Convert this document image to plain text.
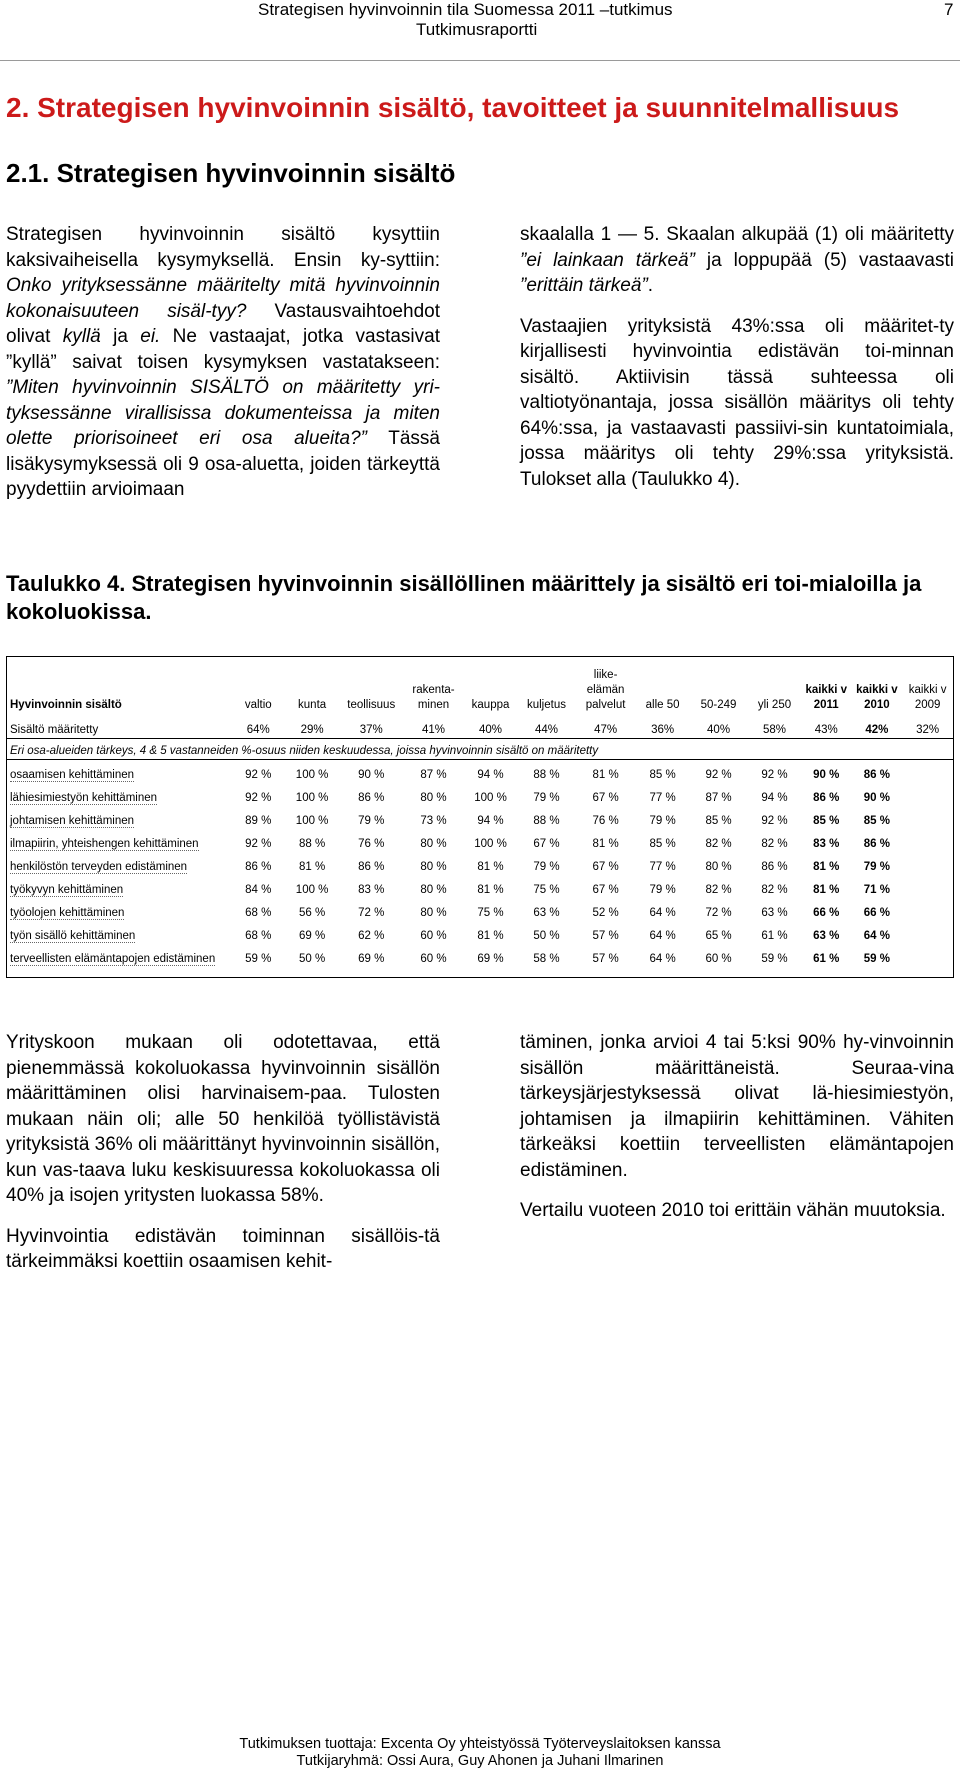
Strategisen hyvinvoinnin tila Suomessa 2011 –tutkimus	7
Tutkimusraportti
2. Strategisen hyvinvoinnin sisältö, tavoitteet ja suunnitelmallisuus
2.1. Strategisen hyvinvoinnin sisältö

Strategisen hyvinvoinnin sisältö kysyttiin kaksivaiheisella kysymyksellä. Ensin ky-syttiin: Onko yrityksessänne määritelty mitä hyvinvoinnin kokonaisuuteen sisäl-tyy? Vastausvaihtoehdot olivat kyllä ja ei. Ne vastaajat, jotka vastasivat ”kyllä” saivat toisen kysymyksen vastatakseen: ”Miten hyvinvoinnin SISÄLTÖ on määritetty yri-tyksessänne virallisissa dokumenteissa ja miten olette priorisoineet eri osa alueita?” Tässä lisäkysymyksessä oli 9 osa-aluetta, joiden tärkeyttä pyydettiin arvioimaan

skaalalla 1 — 5. Skaalan alkupää (1) oli määritetty ”ei lainkaan tärkeä” ja loppupää (5) vastaavasti ”erittäin tärkeä”.

Vastaajien yrityksistä 43%:ssa oli määritet-ty kirjallisesti hyvinvointia edistävän toi-minnan sisältö. Aktiivisin tässä suhteessa oli valtiotyönantaja, jossa sisällön määritys oli tehty 64%:ssa, ja vastaavasti passiivi-sin kuntatoimiala, jossa määritys oli tehty 29%:ssa yrityksistä. Tulokset alla (Taulukko 4).

Taulukko 4. Strategisen hyvinvoinnin sisällöllinen määrittely ja sisältö eri toi-mialoilla ja kokoluokissa.
Hyvinvoinnin sisältö	valtio	kunta	teollisuus	rakenta-minen	kauppa	kuljetus	liike-elämän palvelut	alle 50	50-249	yli 250	kaikki v 2011	kaikki v 2010	kaikki v 2009
Sisältö määritetty	64%	29%	37%	41%	40%	44%	47%	36%	40%	58%	43%	42%	32%
Eri osa-alueiden tärkeys, 4 & 5 vastanneiden %-osuus niiden keskuudessa, joissa hyvinvoinnin sisältö on määritetty													
osaamisen kehittäminen	92 %	100 %	90 %	87 %	94 %	88 %	81 %	85 %	92 %	92 %	90 %	86 %	
lähiesimiestyön kehittäminen	92 %	100 %	86 %	80 %	100 %	79 %	67 %	77 %	87 %	94 %	86 %	90 %	
johtamisen kehittäminen	89 %	100 %	79 %	73 %	94 %	88 %	76 %	79 %	85 %	92 %	85 %	85 %	
ilmapiirin, yhteishengen kehittäminen	92 %	88 %	76 %	80 %	100 %	67 %	81 %	85 %	82 %	82 %	83 %	86 %	
henkilöstön terveyden edistäminen	86 %	81 %	86 %	80 %	81 %	79 %	67 %	77 %	80 %	86 %	81 %	79 %	
työkyvyn kehittäminen	84 %	100 %	83 %	80 %	81 %	75 %	67 %	79 %	82 %	82 %	81 %	71 %	
työolojen kehittäminen	68 %	56 %	72 %	80 %	75 %	63 %	52 %	64 %	72 %	63 %	66 %	66 %	
työn sisällö kehittäminen	68 %	69 %	62 %	60 %	81 %	50 %	57 %	64 %	65 %	61 %	63 %	64 %	
terveellisten elämäntapojen edistäminen	59 %	50 %	69 %	60 %	69 %	58 %	57 %	64 %	60 %	59 %	61 %	59 %	

Yrityskoon mukaan oli odotettavaa, että pienemmässä kokoluokassa hyvinvoinnin sisällön määrittäminen olisi harvinaisem-paa. Tulosten mukaan näin oli; alle 50 henkilöä työllistävistä yrityksistä 36% oli määrittänyt hyvinvoinnin sisällön, kun vas-taava luku keskisuuressa kokoluokassa oli 40% ja isojen yritysten luokassa 58%.

Hyvinvointia edistävän toiminnan sisällöis-tä tärkeimmäksi koettiin osaamisen kehit-

täminen, jonka arvioi 4 tai 5:ksi 90% hy-vinvoinnin sisällön määrittäneistä. Seuraa-vina tärkeysjärjestyksessä olivat lä-hiesimiestyön, johtamisen ja ilmapiirin kehittäminen. Vähiten tärkeäksi koettiin terveellisten elämäntapojen edistäminen.

Vertailu vuoteen 2010 toi erittäin vähän muutoksia.

Tutkimuksen tuottaja: Excenta Oy yhteistyössä Työterveyslaitoksen kanssa
Tutkijaryhmä: Ossi Aura, Guy Ahonen ja Juhani Ilmarinen
